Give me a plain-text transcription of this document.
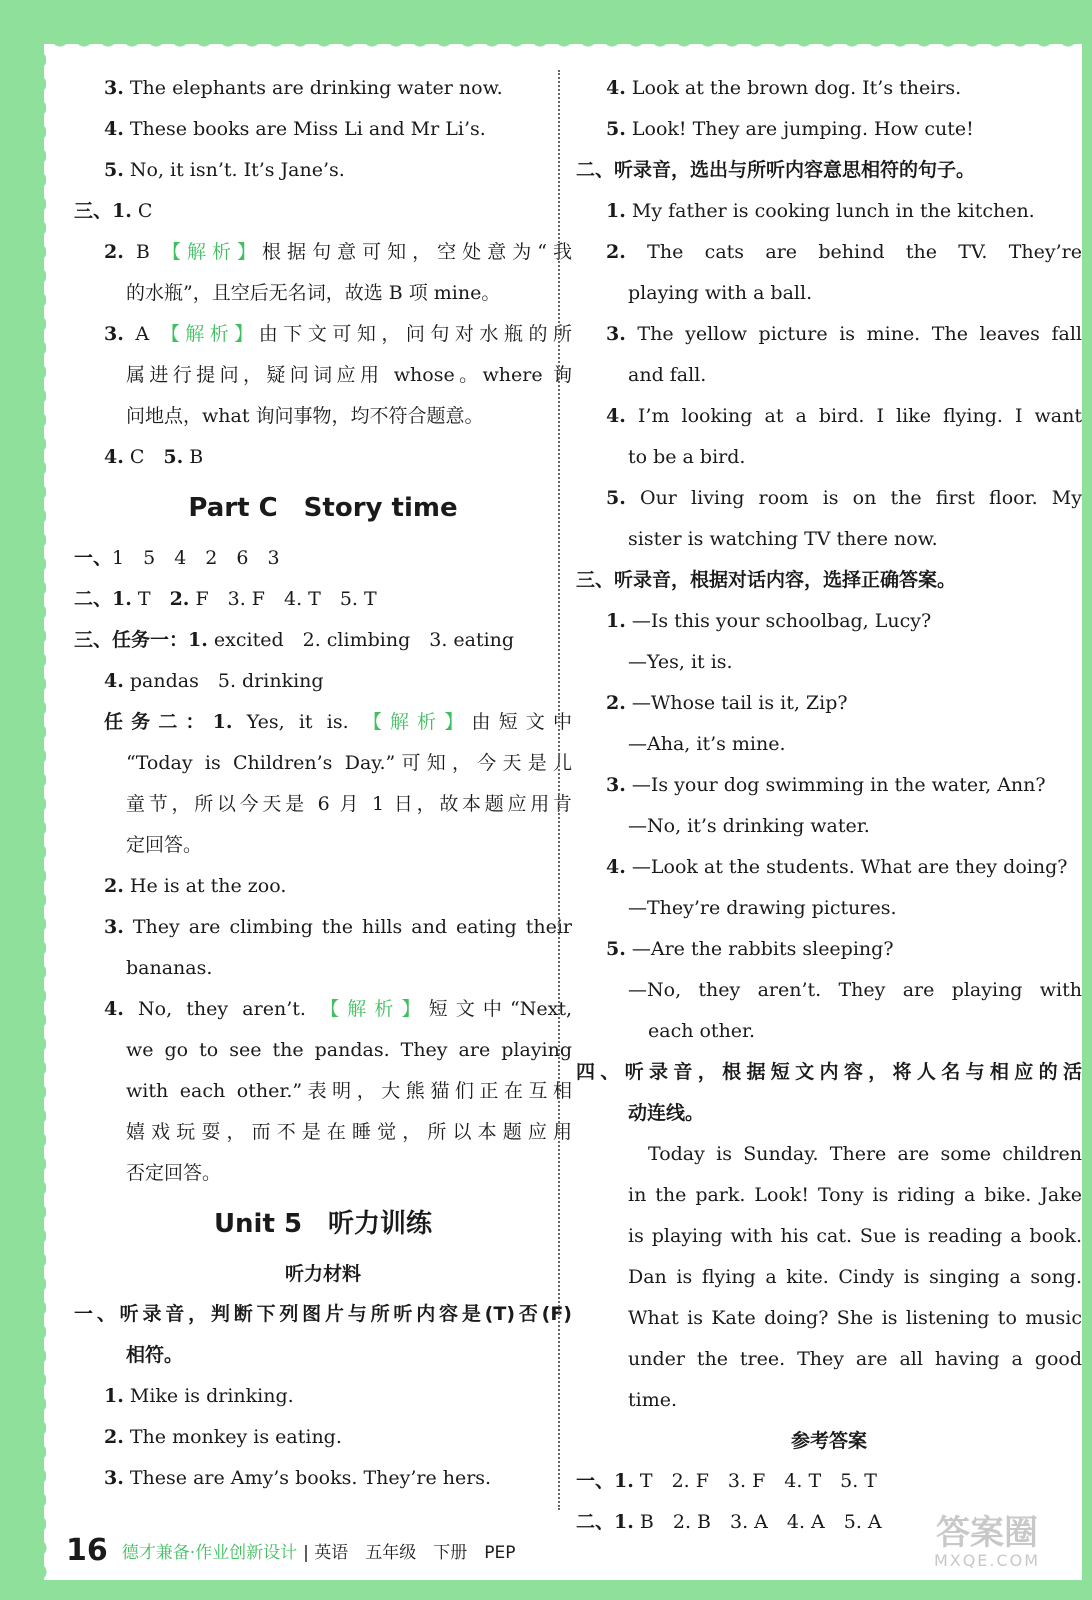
3. The elephants are drinking water now.
4. These books are Miss Li and Mr Li’s.
5. No, it isn’t. It’s Jane’s.
三、1. C
2. B 【解析】根据句意可知，空处意为“我
的水瓶”，且空后无名词，故选 B 项 mine。
3. A 【解析】由下文可知，问句对水瓶的所
属进行提问，疑问词应用 whose。where 询
问地点，what 询问事物，均不符合题意。
4. C　5. B
Part C　Story time
一、1　5　4　2　6　3
二、1. T　2. F　3. F　4. T　5. T
三、任务一：1. excited　2. climbing　3. eating
4. pandas　5. drinking
任务二：1. Yes, it is. 【解析】由短文中
“Today is Children’s Day.”可知，今天是儿
童节，所以今天是 6 月 1 日，故本题应用肯
定回答。
2. He is at the zoo.
3. They are climbing the hills and eating their
bananas.
4. No, they aren’t. 【解析】短文中“Next,
we go to see the pandas. They are playing
with each other.”表明，大熊猫们正在互相
嬉戏玩耍，而不是在睡觉，所以本题应用
否定回答。
Unit 5　听力训练
听力材料
一、听录音，判断下列图片与所听内容是(T)否(F)
相符。
1. Mike is drinking.
2. The monkey is eating.
3. These are Amy’s books. They’re hers.
4. Look at the brown dog. It’s theirs.
5. Look! They are jumping. How cute!
二、听录音，选出与所听内容意思相符的句子。
1. My father is cooking lunch in the kitchen.
2. The cats are behind the TV. They’re
playing with a ball.
3. The yellow picture is mine. The leaves fall
and fall.
4. I’m looking at a bird. I like flying. I want
to be a bird.
5. Our living room is on the first floor. My
sister is watching TV there now.
三、听录音，根据对话内容，选择正确答案。
1. —Is this your schoolbag, Lucy?
—Yes, it is.
2. —Whose tail is it, Zip?
—Aha, it’s mine.
3. —Is your dog swimming in the water, Ann?
—No, it’s drinking water.
4. —Look at the students. What are they doing?
—They’re drawing pictures.
5. —Are the rabbits sleeping?
—No, they aren’t. They are playing with
each other.
四、听录音，根据短文内容，将人名与相应的活
动连线。
Today is Sunday. There are some children
in the park. Look! Tony is riding a bike. Jake
is playing with his cat. Sue is reading a book.
Dan is flying a kite. Cindy is singing a song.
What is Kate doing? She is listening to music
under the tree. They are all having a good
time.
参考答案
一、1. T　2. F　3. F　4. T　5. T
二、1. B　2. B　3. A　4. A　5. A
16 德才兼备·作业创新设计 | 英语　五年级　下册　PEP	答案圈
MXQE.COM
